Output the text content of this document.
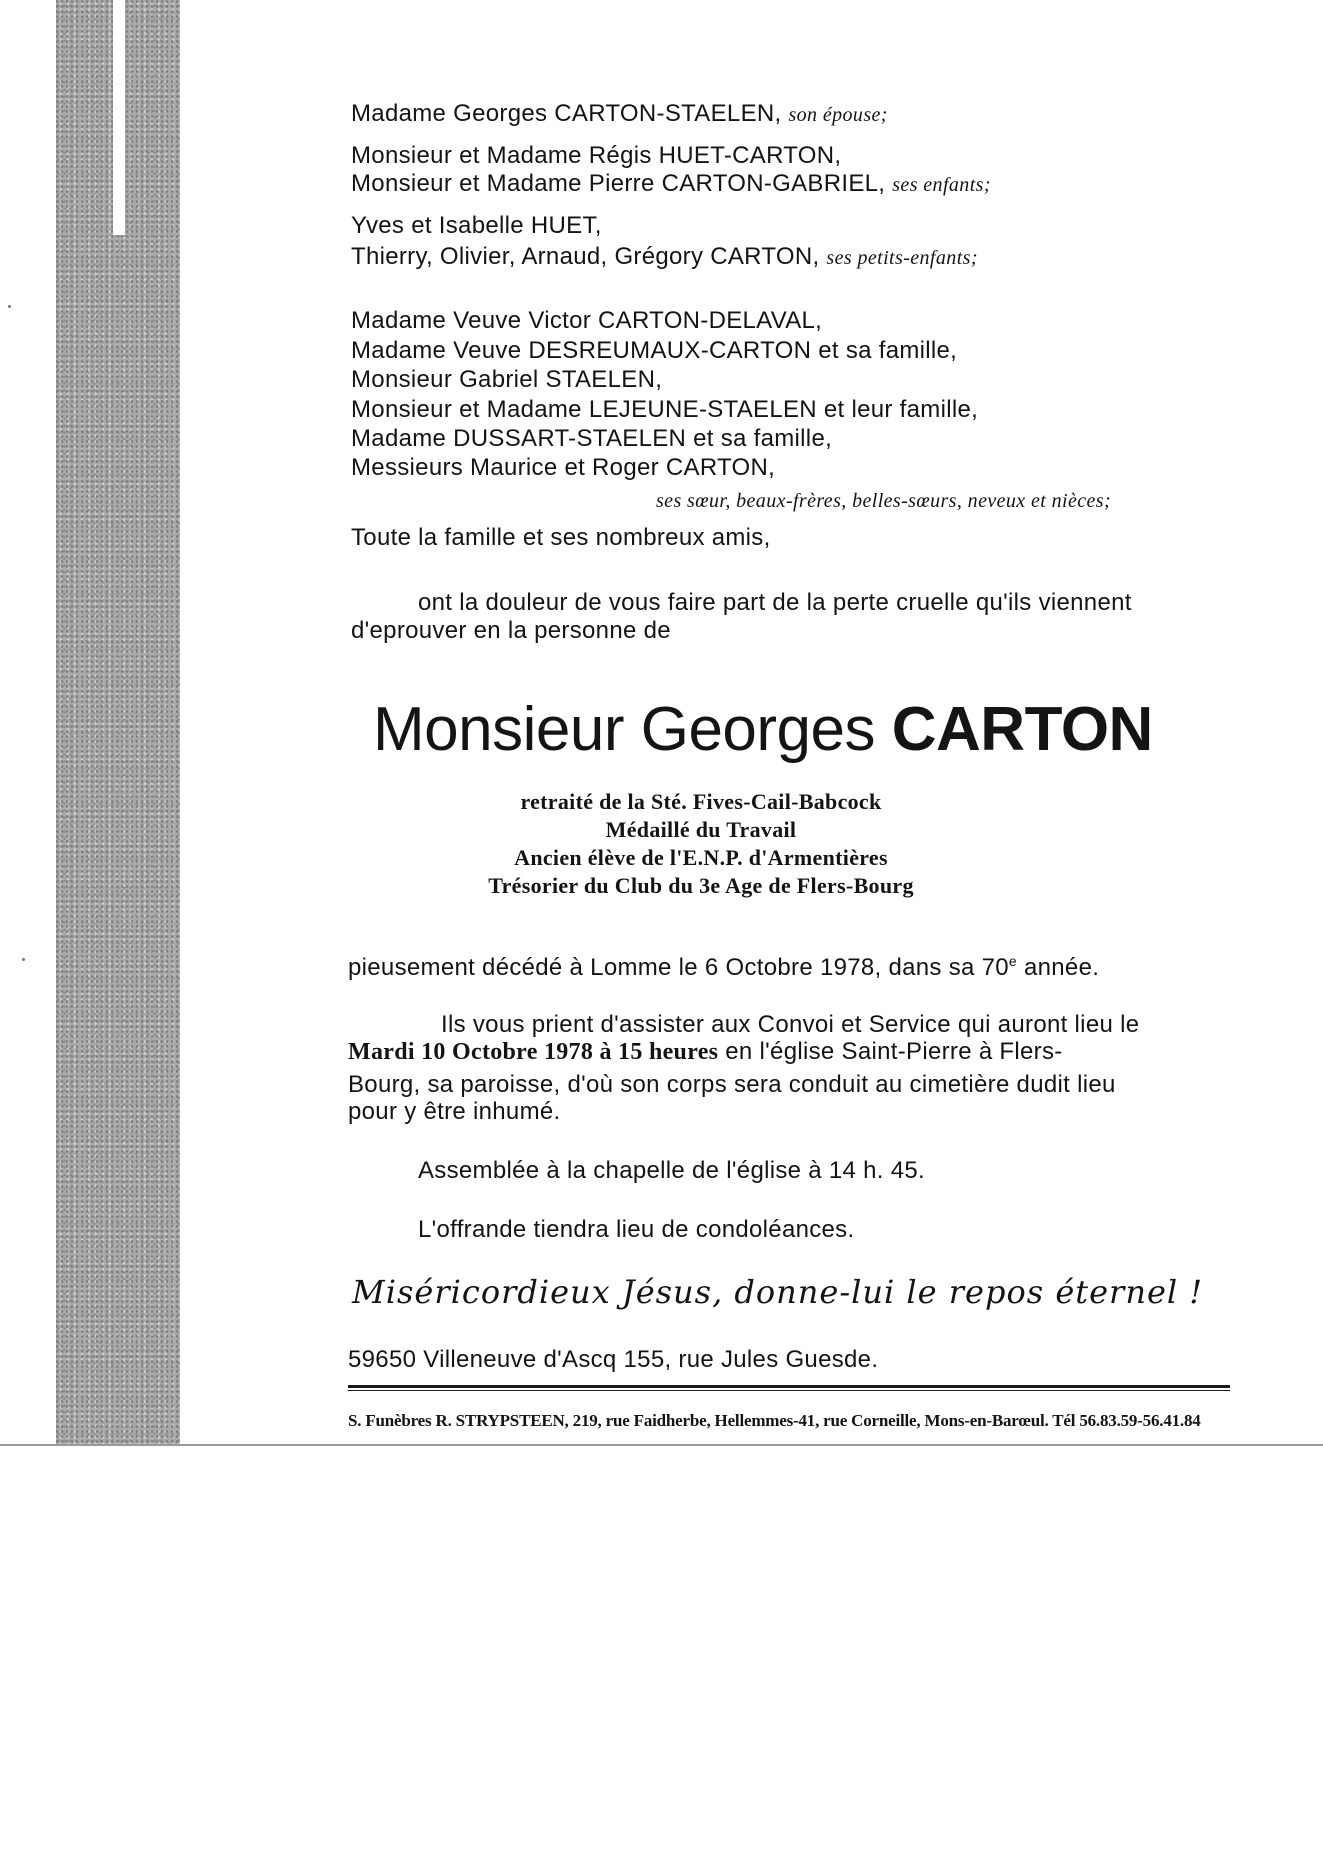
Madame Georges CARTON-STAELEN, son épouse;
Monsieur et Madame Régis HUET-CARTON,
Monsieur et Madame Pierre CARTON-GABRIEL, ses enfants;
Yves et Isabelle HUET,
Thierry, Olivier, Arnaud, Grégory CARTON, ses petits-enfants;
Madame Veuve Victor CARTON-DELAVAL,
Madame Veuve DESREUMAUX-CARTON et sa famille,
Monsieur Gabriel STAELEN,
Monsieur et Madame LEJEUNE-STAELEN et leur famille,
Madame DUSSART-STAELEN et sa famille,
Messieurs Maurice et Roger CARTON,
ses sœur, beaux-frères, belles-sœurs, neveux et nièces;
Toute la famille et ses nombreux amis,
ont la douleur de vous faire part de la perte cruelle qu'ils viennent
d'eprouver en la personne de
Monsieur Georges CARTON
retraité de la Sté. Fives-Cail-Babcock
Médaillé du Travail
Ancien élève de l'E.N.P. d'Armentières
Trésorier du Club du 3e Age de Flers-Bourg
pieusement décédé à Lomme le 6 Octobre 1978, dans sa 70e année.
Ils vous prient d'assister aux Convoi et Service qui auront lieu le
Mardi 10 Octobre 1978 à 15 heures en l'église Saint-Pierre à Flers-
Bourg, sa paroisse, d'où son corps sera conduit au cimetière dudit lieu
pour y être inhumé.
Assemblée à la chapelle de l'église à 14 h. 45.
L'offrande tiendra lieu de condoléances.
Miséricordieux Jésus, donne-lui le repos éternel !
59650 Villeneuve d'Ascq 155, rue Jules Guesde.
S. Funèbres R. STRYPSTEEN, 219, rue Faidherbe, Hellemmes-41, rue Corneille, Mons-en-Barœul. Tél 56.83.59-56.41.84
